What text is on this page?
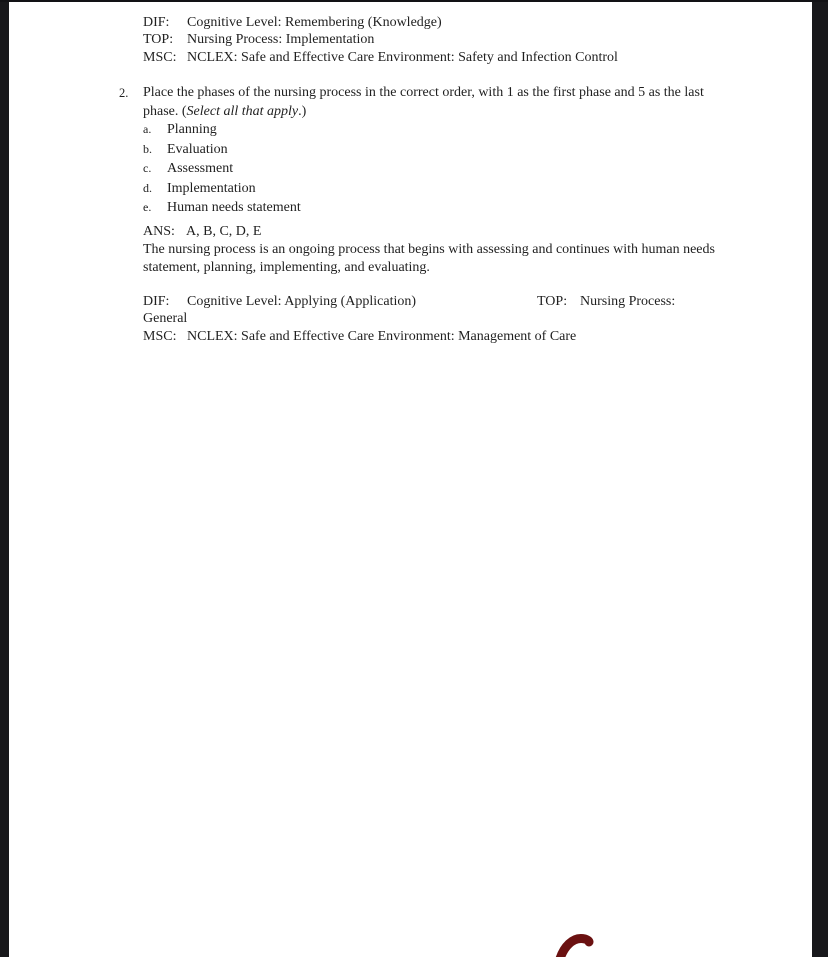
DIF:	Cognitive Level: Remembering (Knowledge)
TOP: Nursing Process: Implementation
MSC: NCLEX: Safe and Effective Care Environment: Safety and Infection Control
2. Place the phases of the nursing process in the correct order, with 1 as the first phase and 5 as the last phase. (Select all that apply.)
a.	Planning
b.	Evaluation
c.	Assessment
d.	Implementation
e.	Human needs statement
ANS: A, B, C, D, E
The nursing process is an ongoing process that begins with assessing and continues with human needs statement, planning, implementing, and evaluating.
DIF: Cognitive Level: Applying (Application)	TOP: Nursing Process:
General
MSC: NCLEX: Safe and Effective Care Environment: Management of Care
